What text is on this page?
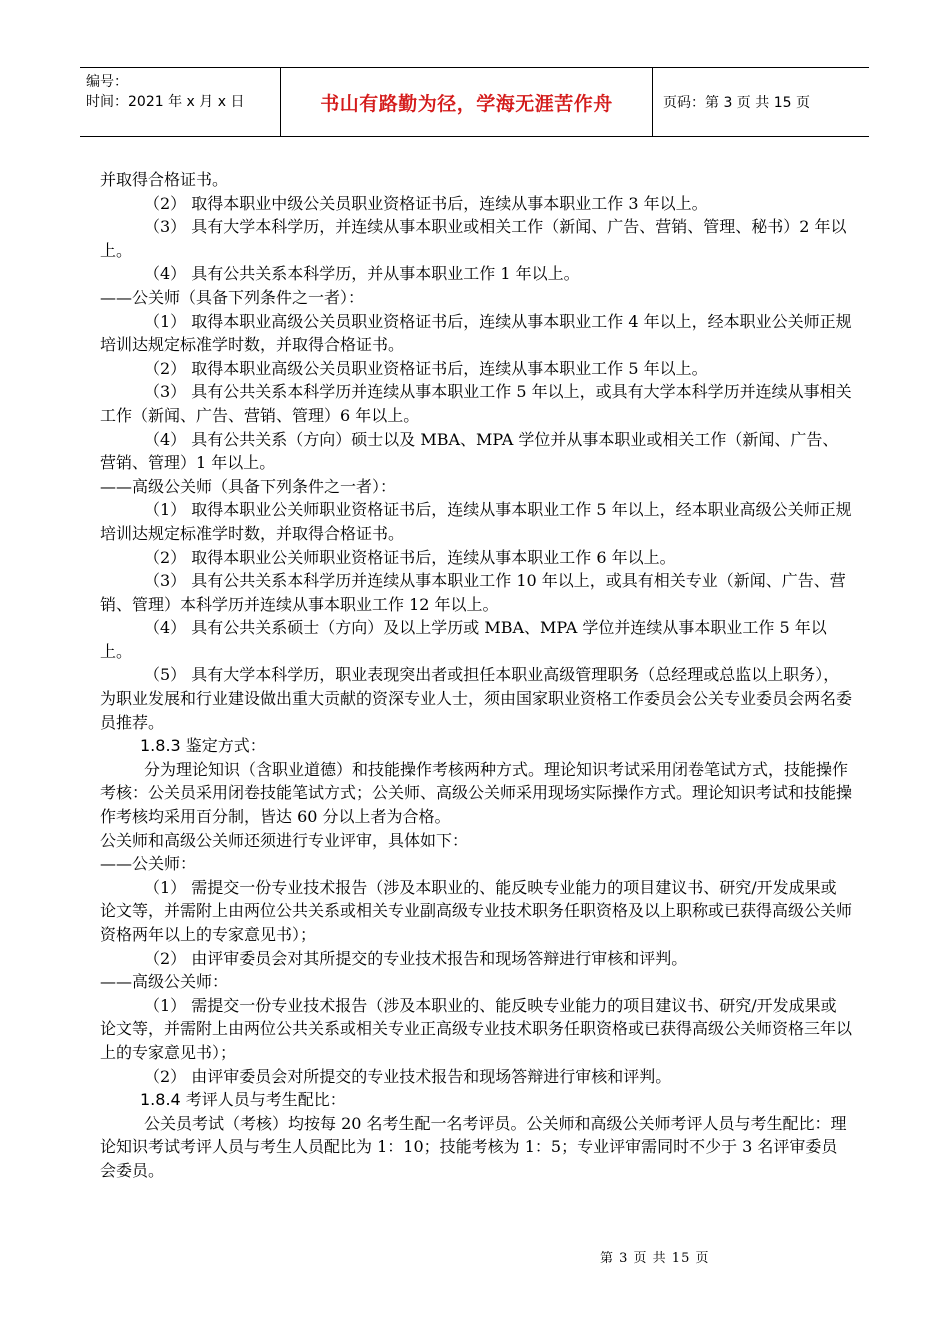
编号：
时间：2021 年 x 月 x 日	书山有路勤为径，学海无涯苦作舟	页码：第 3 页 共 15 页

并取得合格证书。

（2） 取得本职业中级公关员职业资格证书后，连续从事本职业工作 3 年以上。

（3） 具有大学本科学历，并连续从事本职业或相关工作（新闻、广告、营销、管理、秘书）2 年以上。

（4） 具有公共关系本科学历，并从事本职业工作 1 年以上。

——公关师（具备下列条件之一者）：

（1） 取得本职业高级公关员职业资格证书后，连续从事本职业工作 4 年以上，经本职业公关师正规培训达规定标准学时数，并取得合格证书。

（2） 取得本职业高级公关员职业资格证书后，连续从事本职业工作 5 年以上。

（3） 具有公共关系本科学历并连续从事本职业工作 5 年以上，或具有大学本科学历并连续从事相关工作（新闻、广告、营销、管理）6 年以上。

（4） 具有公共关系（方向）硕士以及 MBA、MPA 学位并从事本职业或相关工作（新闻、广告、营销、管理）1 年以上。

——高级公关师（具备下列条件之一者）：

（1） 取得本职业公关师职业资格证书后，连续从事本职业工作 5 年以上，经本职业高级公关师正规培训达规定标准学时数，并取得合格证书。

（2） 取得本职业公关师职业资格证书后，连续从事本职业工作 6 年以上。

（3） 具有公共关系本科学历并连续从事本职业工作 10 年以上，或具有相关专业（新闻、广告、营销、管理）本科学历并连续从事本职业工作 12 年以上。

（4） 具有公共关系硕士（方向）及以上学历或 MBA、MPA 学位并连续从事本职业工作 5 年以上。

（5） 具有大学本科学历，职业表现突出者或担任本职业高级管理职务（总经理或总监以上职务），为职业发展和行业建设做出重大贡献的资深专业人士，须由国家职业资格工作委员会公关专业委员会两名委员推荐。

1.8.3 鉴定方式：

分为理论知识（含职业道德）和技能操作考核两种方式。理论知识考试采用闭卷笔试方式，技能操作考核：公关员采用闭卷技能笔试方式；公关师、高级公关师采用现场实际操作方式。理论知识考试和技能操作考核均采用百分制，皆达 60 分以上者为合格。

公关师和高级公关师还须进行专业评审，具体如下：

——公关师：

（1） 需提交一份专业技术报告（涉及本职业的、能反映专业能力的项目建议书、研究/开发成果或论文等，并需附上由两位公共关系或相关专业副高级专业技术职务任职资格及以上职称或已获得高级公关师资格两年以上的专家意见书）；

（2） 由评审委员会对其所提交的专业技术报告和现场答辩进行审核和评判。

——高级公关师：

（1） 需提交一份专业技术报告（涉及本职业的、能反映专业能力的项目建议书、研究/开发成果或论文等，并需附上由两位公共关系或相关专业正高级专业技术职务任职资格或已获得高级公关师资格三年以上的专家意见书）；

（2） 由评审委员会对所提交的专业技术报告和现场答辩进行审核和评判。

1.8.4 考评人员与考生配比：

公关员考试（考核）均按每 20 名考生配一名考评员。公关师和高级公关师考评人员与考生配比：理论知识考试考评人员与考生人员配比为 1：10；技能考核为 1：5；专业评审需同时不少于 3 名评审委员会委员。

第 3 页 共 15 页
